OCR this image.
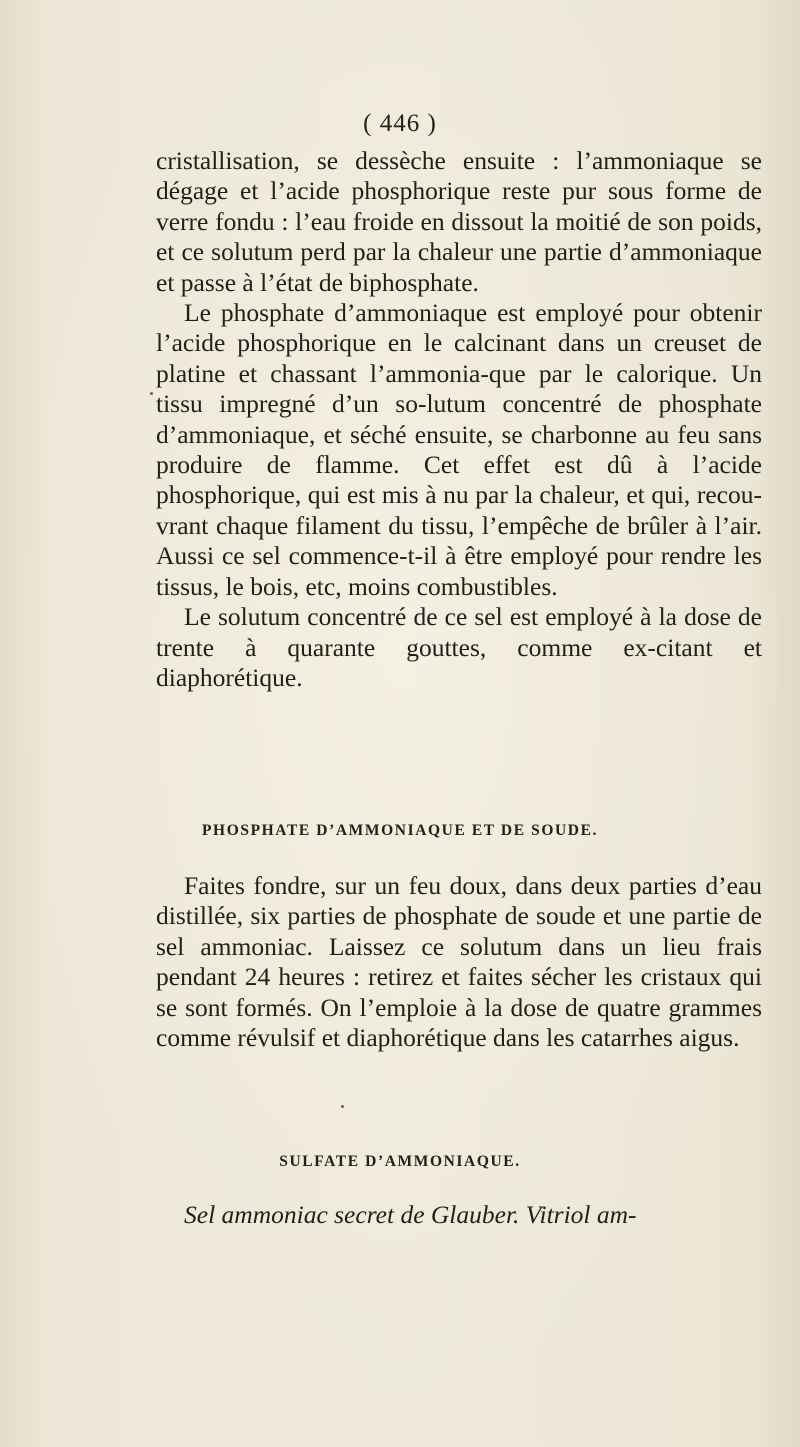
( 446 )

cristallisation, se dessèche ensuite : l’ammoniaque se dégage et l’acide phosphorique reste pur sous forme de verre fondu : l’eau froide en dissout la moitié de son poids, et ce solutum perd par la chaleur une partie d’ammoniaque et passe à l’état de biphosphate.

Le phosphate d’ammoniaque est employé pour obtenir l’acide phosphorique en le calcinant dans un creuset de platine et chassant l’ammonia-que par le calorique. Un tissu impregné d’un so-lutum concentré de phosphate d’ammoniaque, et séché ensuite, se charbonne au feu sans produire de flamme. Cet effet est dû à l’acide phosphorique, qui est mis à nu par la chaleur, et qui, recou-vrant chaque filament du tissu, l’empêche de brûler à l’air. Aussi ce sel commence-t-il à être employé pour rendre les tissus, le bois, etc, moins combustibles.

Le solutum concentré de ce sel est employé à la dose de trente à quarante gouttes, comme ex-citant et diaphorétique.

PHOSPHATE D’AMMONIAQUE ET DE SOUDE.

Faites fondre, sur un feu doux, dans deux parties d’eau distillée, six parties de phosphate de soude et une partie de sel ammoniac. Laissez ce solutum dans un lieu frais pendant 24 heures : retirez et faites sécher les cristaux qui se sont formés. On l’emploie à la dose de quatre grammes comme révulsif et diaphorétique dans les catarrhes aigus.

SULFATE D’AMMONIAQUE.

Sel ammoniac secret de Glauber. Vitriol am-
